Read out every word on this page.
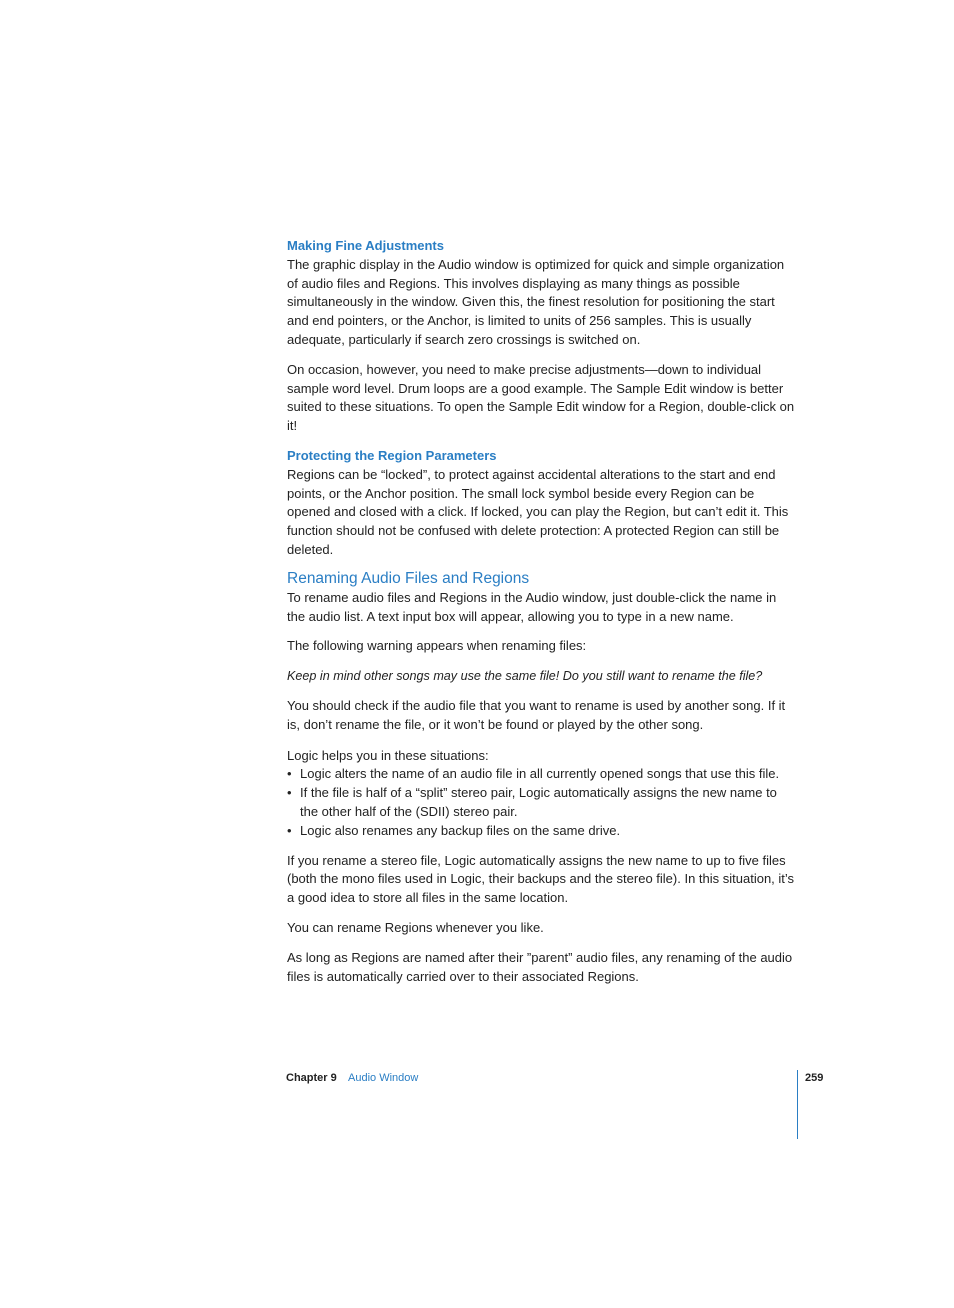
Making Fine Adjustments

The graphic display in the Audio window is optimized for quick and simple organization of audio files and Regions. This involves displaying as many things as possible simultaneously in the window. Given this, the finest resolution for positioning the start and end pointers, or the Anchor, is limited to units of 256 samples. This is usually adequate, particularly if search zero crossings is switched on.

On occasion, however, you need to make precise adjustments—down to individual sample word level. Drum loops are a good example. The Sample Edit window is better suited to these situations. To open the Sample Edit window for a Region, double-click on it!

Protecting the Region Parameters

Regions can be “locked”, to protect against accidental alterations to the start and end points, or the Anchor position. The small lock symbol beside every Region can be opened and closed with a click. If locked, you can play the Region, but can’t edit it. This function should not be confused with delete protection: A protected Region can still be deleted.

Renaming Audio Files and Regions

To rename audio files and Regions in the Audio window, just double-click the name in the audio list. A text input box will appear, allowing you to type in a new name.

The following warning appears when renaming files:

Keep in mind other songs may use the same file! Do you still want to rename the file?

You should check if the audio file that you want to rename is used by another song. If it is, don’t rename the file, or it won’t be found or played by the other song.

Logic helps you in these situations:

• Logic alters the name of an audio file in all currently opened songs that use this file.
• If the file is half of a “split” stereo pair, Logic automatically assigns the new name to the other half of the (SDII) stereo pair.
• Logic also renames any backup files on the same drive.

If you rename a stereo file, Logic automatically assigns the new name to up to five files (both the mono files used in Logic, their backups and the stereo file). In this situation, it’s a good idea to store all files in the same location.

You can rename Regions whenever you like.

As long as Regions are named after their ”parent” audio files, any renaming of the audio files is automatically carried over to their associated Regions.

Chapter 9 Audio Window	259
